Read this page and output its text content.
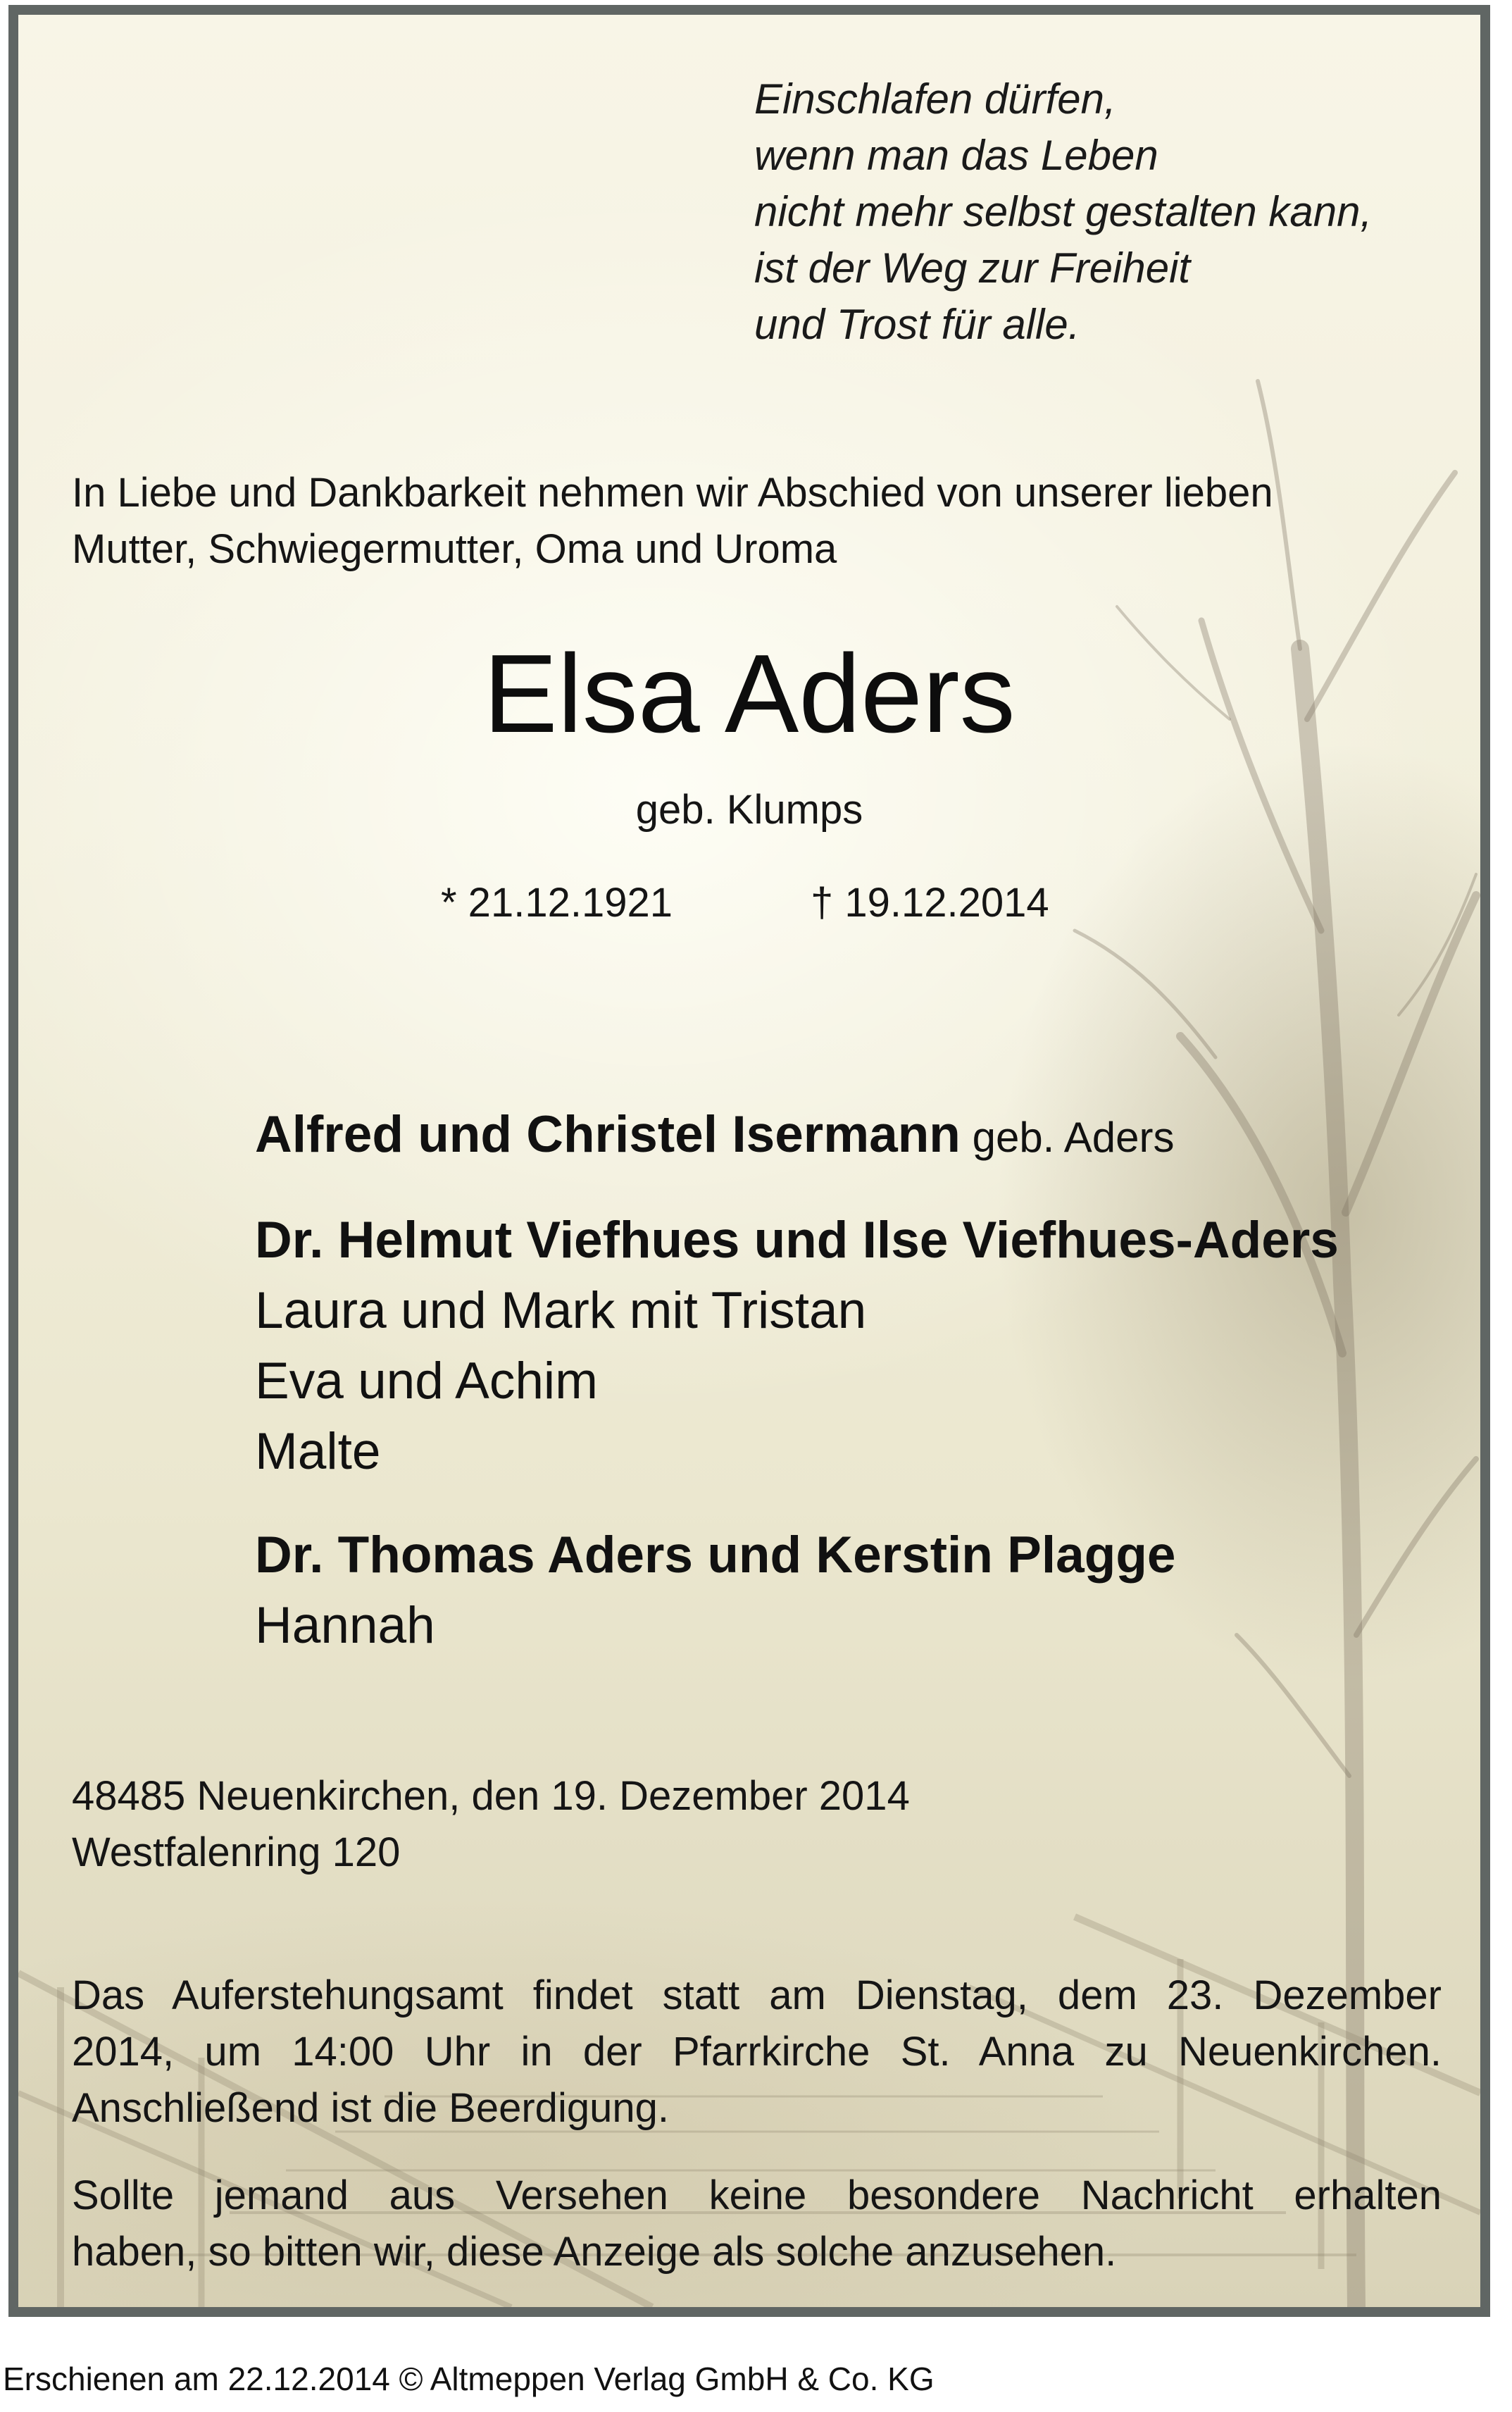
Einschlafen dürfen,
wenn man das Leben
nicht mehr selbst gestalten kann,
ist der Weg zur Freiheit
und Trost für alle.
In Liebe und Dankbarkeit nehmen wir Abschied von unserer lieben
Mutter, Schwiegermutter, Oma und Uroma
Elsa Aders
geb. Klumps
* 21.12.1921	† 19.12.2014
Alfred und Christel Isermann geb. Aders
Dr. Helmut Viefhues und Ilse Viefhues-Aders
Laura und Mark mit Tristan
Eva und Achim
Malte
Dr. Thomas Aders und Kerstin Plagge
Hannah
48485 Neuenkirchen, den 19. Dezember 2014
Westfalenring 120
Das Auferstehungsamt findet statt am Dienstag, dem 23. Dezember
2014, um 14:00 Uhr in der Pfarrkirche St. Anna zu Neuenkirchen.
Anschließend ist die Beerdigung.
Sollte jemand aus Versehen keine besondere Nachricht erhalten
haben, so bitten wir, diese Anzeige als solche anzusehen.
Erschienen am 22.12.2014 © Altmeppen Verlag GmbH & Co. KG
